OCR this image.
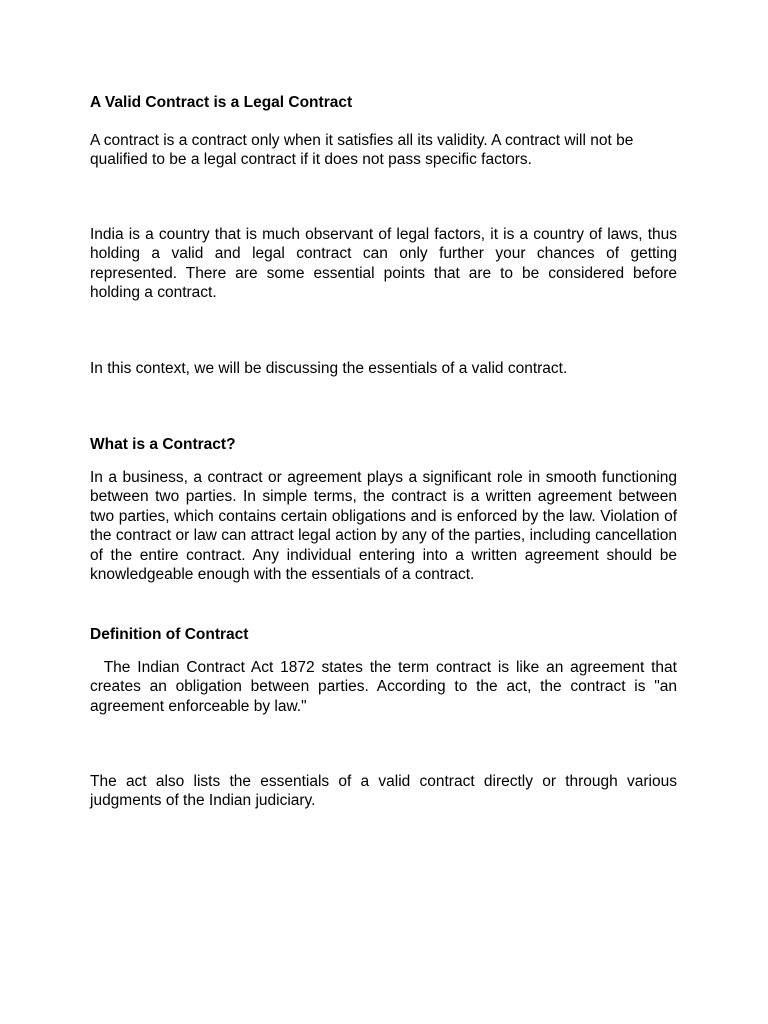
A Valid Contract is a Legal Contract

A contract is a contract only when it satisfies all its validity. A contract will not be qualified to be a legal contract if it does not pass specific factors.

India is a country that is much observant of legal factors, it is a country of laws, thus holding a valid and legal contract can only further your chances of getting represented. There are some essential points that are to be considered before holding a contract.

In this context, we will be discussing the essentials of a valid contract.

What is a Contract?

In a business, a contract or agreement plays a significant role in smooth functioning between two parties. In simple terms, the contract is a written agreement between two parties, which contains certain obligations and is enforced by the law. Violation of the contract or law can attract legal action by any of the parties, including cancellation of the entire contract. Any individual entering into a written agreement should be knowledgeable enough with the essentials of a contract.

Definition of Contract

The Indian Contract Act 1872 states the term contract is like an agreement that creates an obligation between parties. According to the act, the contract is "an agreement enforceable by law."

The act also lists the essentials of a valid contract directly or through various judgments of the Indian judiciary.
